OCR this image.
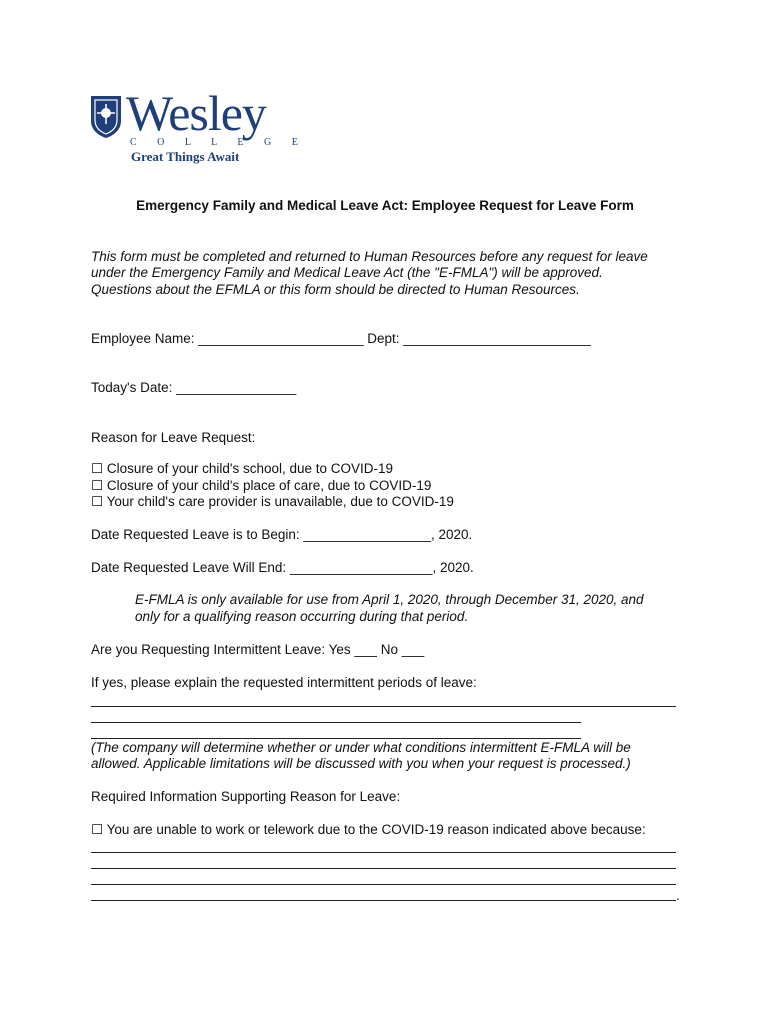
Wesley
C O L L E G E
Great Things Await
Emergency Family and Medical Leave Act: Employee Request for Leave Form
This form must be completed and returned to Human Resources before any request for leave
under the Emergency Family and Medical Leave Act (the "E-FMLA") will be approved.
Questions about the EFMLA or this form should be directed to Human Resources.
Employee Name: ______________________ Dept: _________________________
Today's Date: ________________
Reason for Leave Request:
☐ Closure of your child's school, due to COVID-19
☐ Closure of your child's place of care, due to COVID-19
☐ Your child's care provider is unavailable, due to COVID-19
Date Requested Leave is to Begin: _________________, 2020.
Date Requested Leave Will End: ___________________, 2020.
E-FMLA is only available for use from April 1, 2020, through December 31, 2020, and
only for a qualifying reason occurring during that period.
Are you Requesting Intermittent Leave: Yes ___ No ___
If yes, please explain the requested intermittent periods of leave:
(The company will determine whether or under what conditions intermittent E-FMLA will be
allowed. Applicable limitations will be discussed with you when your request is processed.)
Required Information Supporting Reason for Leave:
☐ You are unable to work or telework due to the COVID-19 reason indicated above because:
.
